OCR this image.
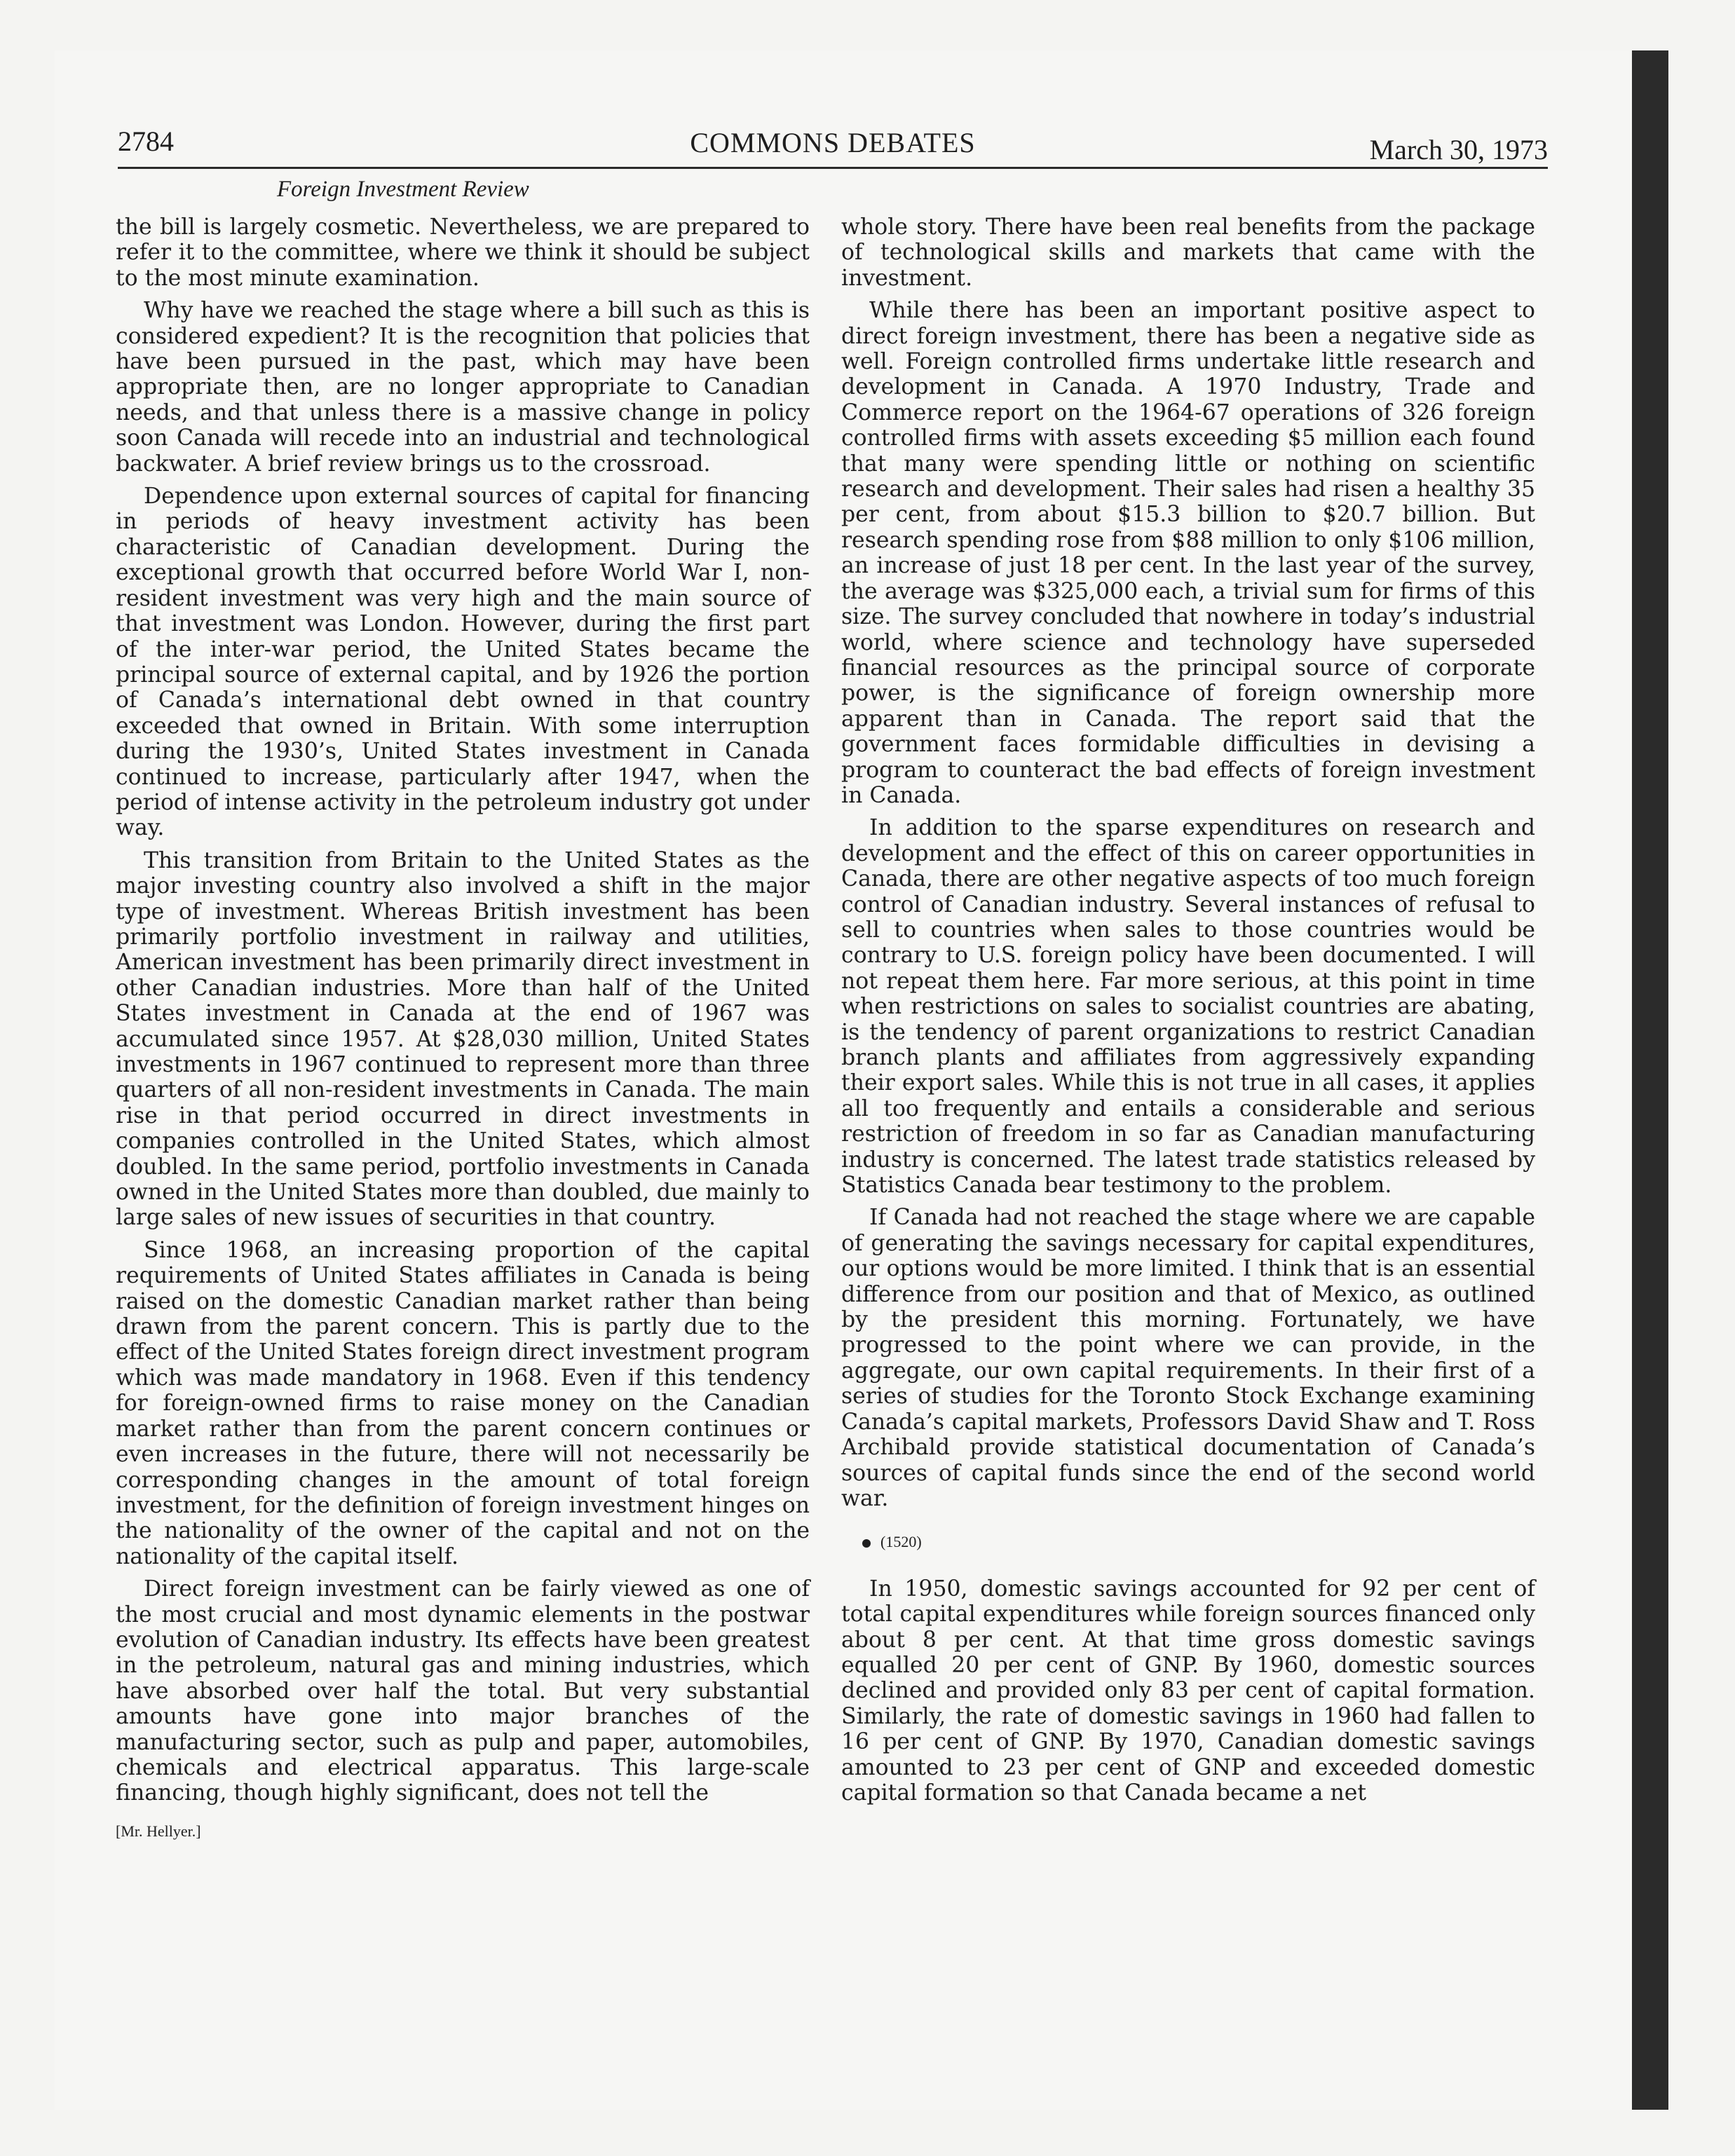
2784	COMMONS DEBATES	March 30, 1973
Foreign Investment Review

the bill is largely cosmetic. Nevertheless, we are prepared to refer it to the committee, where we think it should be subject to the most minute examination.

Why have we reached the stage where a bill such as this is considered expedient? It is the recognition that policies that have been pursued in the past, which may have been appropriate then, are no longer appropriate to Canadian needs, and that unless there is a massive change in policy soon Canada will recede into an industrial and technological backwater. A brief review brings us to the crossroad.

Dependence upon external sources of capital for financing in periods of heavy investment activity has been characteristic of Canadian development. During the exceptional growth that occurred before World War I, non-resident investment was very high and the main source of that investment was London. However, during the first part of the inter-war period, the United States became the principal source of external capital, and by 1926 the portion of Canada’s international debt owned in that country exceeded that owned in Britain. With some interruption during the 1930’s, United States investment in Canada continued to increase, particularly after 1947, when the period of intense activity in the petroleum industry got under way.

This transition from Britain to the United States as the major investing country also involved a shift in the major type of investment. Whereas British investment has been primarily portfolio investment in railway and utilities, American investment has been primarily direct investment in other Canadian industries. More than half of the United States investment in Canada at the end of 1967 was accumulated since 1957. At $28,030 million, United States investments in 1967 continued to represent more than three quarters of all non-resident investments in Canada. The main rise in that period occurred in direct investments in companies controlled in the United States, which almost doubled. In the same period, portfolio investments in Canada owned in the United States more than doubled, due mainly to large sales of new issues of securities in that country.

Since 1968, an increasing proportion of the capital requirements of United States affiliates in Canada is being raised on the domestic Canadian market rather than being drawn from the parent concern. This is partly due to the effect of the United States foreign direct investment program which was made mandatory in 1968. Even if this tendency for foreign-owned firms to raise money on the Canadian market rather than from the parent concern continues or even increases in the future, there will not necessarily be corresponding changes in the amount of total foreign investment, for the definition of foreign investment hinges on the nationality of the owner of the capital and not on the nationality of the capital itself.

Direct foreign investment can be fairly viewed as one of the most crucial and most dynamic elements in the postwar evolution of Canadian industry. Its effects have been greatest in the petroleum, natural gas and mining industries, which have absorbed over half the total. But very substantial amounts have gone into major branches of the manufacturing sector, such as pulp and paper, automobiles, chemicals and electrical apparatus. This large-scale financing, though highly significant, does not tell the

[Mr. Hellyer.]

whole story. There have been real benefits from the package of technological skills and markets that came with the investment.

While there has been an important positive aspect to direct foreign investment, there has been a negative side as well. Foreign controlled firms undertake little research and development in Canada. A 1970 Industry, Trade and Commerce report on the 1964-67 operations of 326 foreign controlled firms with assets exceeding $5 million each found that many were spending little or nothing on scientific research and development. Their sales had risen a healthy 35 per cent, from about $15.3 billion to $20.7 billion. But research spending rose from $88 million to only $106 million, an increase of just 18 per cent. In the last year of the survey, the average was $325,000 each, a trivial sum for firms of this size. The survey concluded that nowhere in today’s industrial world, where science and technology have superseded financial resources as the principal source of corporate power, is the significance of foreign ownership more apparent than in Canada. The report said that the government faces formidable difficulties in devising a program to counteract the bad effects of foreign investment in Canada.

In addition to the sparse expenditures on research and development and the effect of this on career opportunities in Canada, there are other negative aspects of too much foreign control of Canadian industry. Several instances of refusal to sell to countries when sales to those countries would be contrary to U.S. foreign policy have been documented. I will not repeat them here. Far more serious, at this point in time when restrictions on sales to socialist countries are abating, is the tendency of parent organizations to restrict Canadian branch plants and affiliates from aggressively expanding their export sales. While this is not true in all cases, it applies all too frequently and entails a considerable and serious restriction of freedom in so far as Canadian manufacturing industry is concerned. The latest trade statistics released by Statistics Canada bear testimony to the problem.

If Canada had not reached the stage where we are capable of generating the savings necessary for capital expenditures, our options would be more limited. I think that is an essential difference from our position and that of Mexico, as outlined by the president this morning. Fortunately, we have progressed to the point where we can provide, in the aggregate, our own capital requirements. In their first of a series of studies for the Toronto Stock Exchange examining Canada’s capital markets, Professors David Shaw and T. Ross Archibald provide statistical documentation of Canada’s sources of capital funds since the end of the second world war.

(1520)

In 1950, domestic savings accounted for 92 per cent of total capital expenditures while foreign sources financed only about 8 per cent. At that time gross domestic savings equalled 20 per cent of GNP. By 1960, domestic sources declined and provided only 83 per cent of capital formation. Similarly, the rate of domestic savings in 1960 had fallen to 16 per cent of GNP. By 1970, Canadian domestic savings amounted to 23 per cent of GNP and exceeded domestic capital formation so that Canada became a net
